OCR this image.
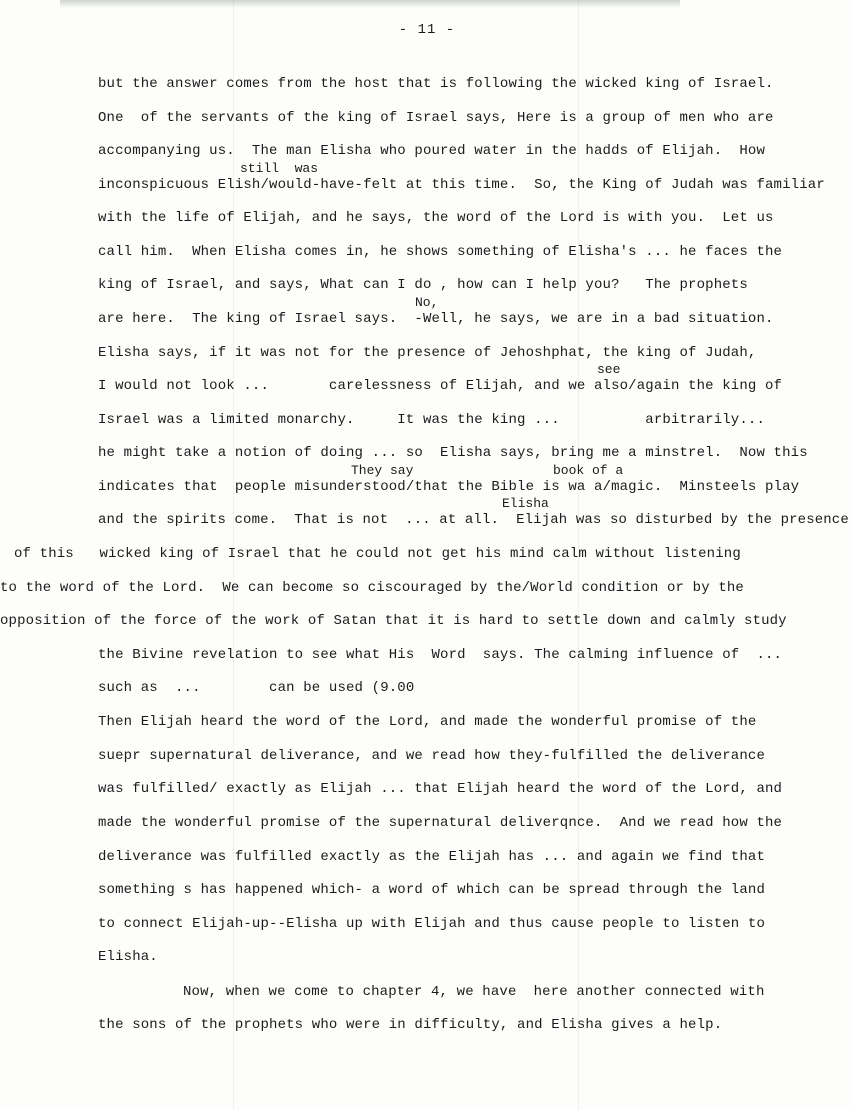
- 11 -
still  was
No,
see
They say	book of a
Elisha
but the answer comes from the host that is following the wicked king of Israel.
One  of the servants of the king of Israel says, Here is a group of men who are
accompanying us.  The man Elisha who poured water in the hadds of Elijah.  How
inconspicuous Elish/would-have-felt at this time.  So, the King of Judah was familiar
with the life of Elijah, and he says, the word of the Lord is with you.  Let us
call him.  When Elisha comes in, he shows something of Elisha's ... he faces the
king of Israel, and says, What can I do , how can I help you?   The prophets
are here.  The king of Israel says.  -Well, he says, we are in a bad situation.
Elisha says, if it was not for the presence of Jehoshphat, the king of Judah,
I would not look ...       carelessness of Elijah, and we also/again the king of
Israel was a limited monarchy.     It was the king ...          arbitrarily...
he might take a notion of doing ... so  Elisha says, bring me a minstrel.  Now this
indicates that  people misunderstood/that the Bible is wa a/magic.  Minsteels play
and the spirits come.  That is not  ... at all.  Elijah was so disturbed by the presence
of this   wicked king of Israel that he could not get his mind calm without listening
to the word of the Lord.  We can become so ciscouraged by the/World condition or by the
opposition of the force of the work of Satan that it is hard to settle down and calmly study
the Bivine revelation to see what His  Word  says. The calming influence of  ...
such as  ...        can be used (9.00
Then Elijah heard the word of the Lord, and made the wonderful promise of the
suepr supernatural deliverance, and we read how they-fulfilled the deliverance
was fulfilled/ exactly as Elijah ... that Elijah heard the word of the Lord, and
made the wonderful promise of the supernatural deliverqnce.  And we read how the
deliverance was fulfilled exactly as the Elijah has ... and again we find that
something s has happened which- a word of which can be spread through the land
to connect Elijah-up--Elisha up with Elijah and thus cause people to listen to
Elisha.
Now, when we come to chapter 4, we have  here another connected with
the sons of the prophets who were in difficulty, and Elisha gives a help.
